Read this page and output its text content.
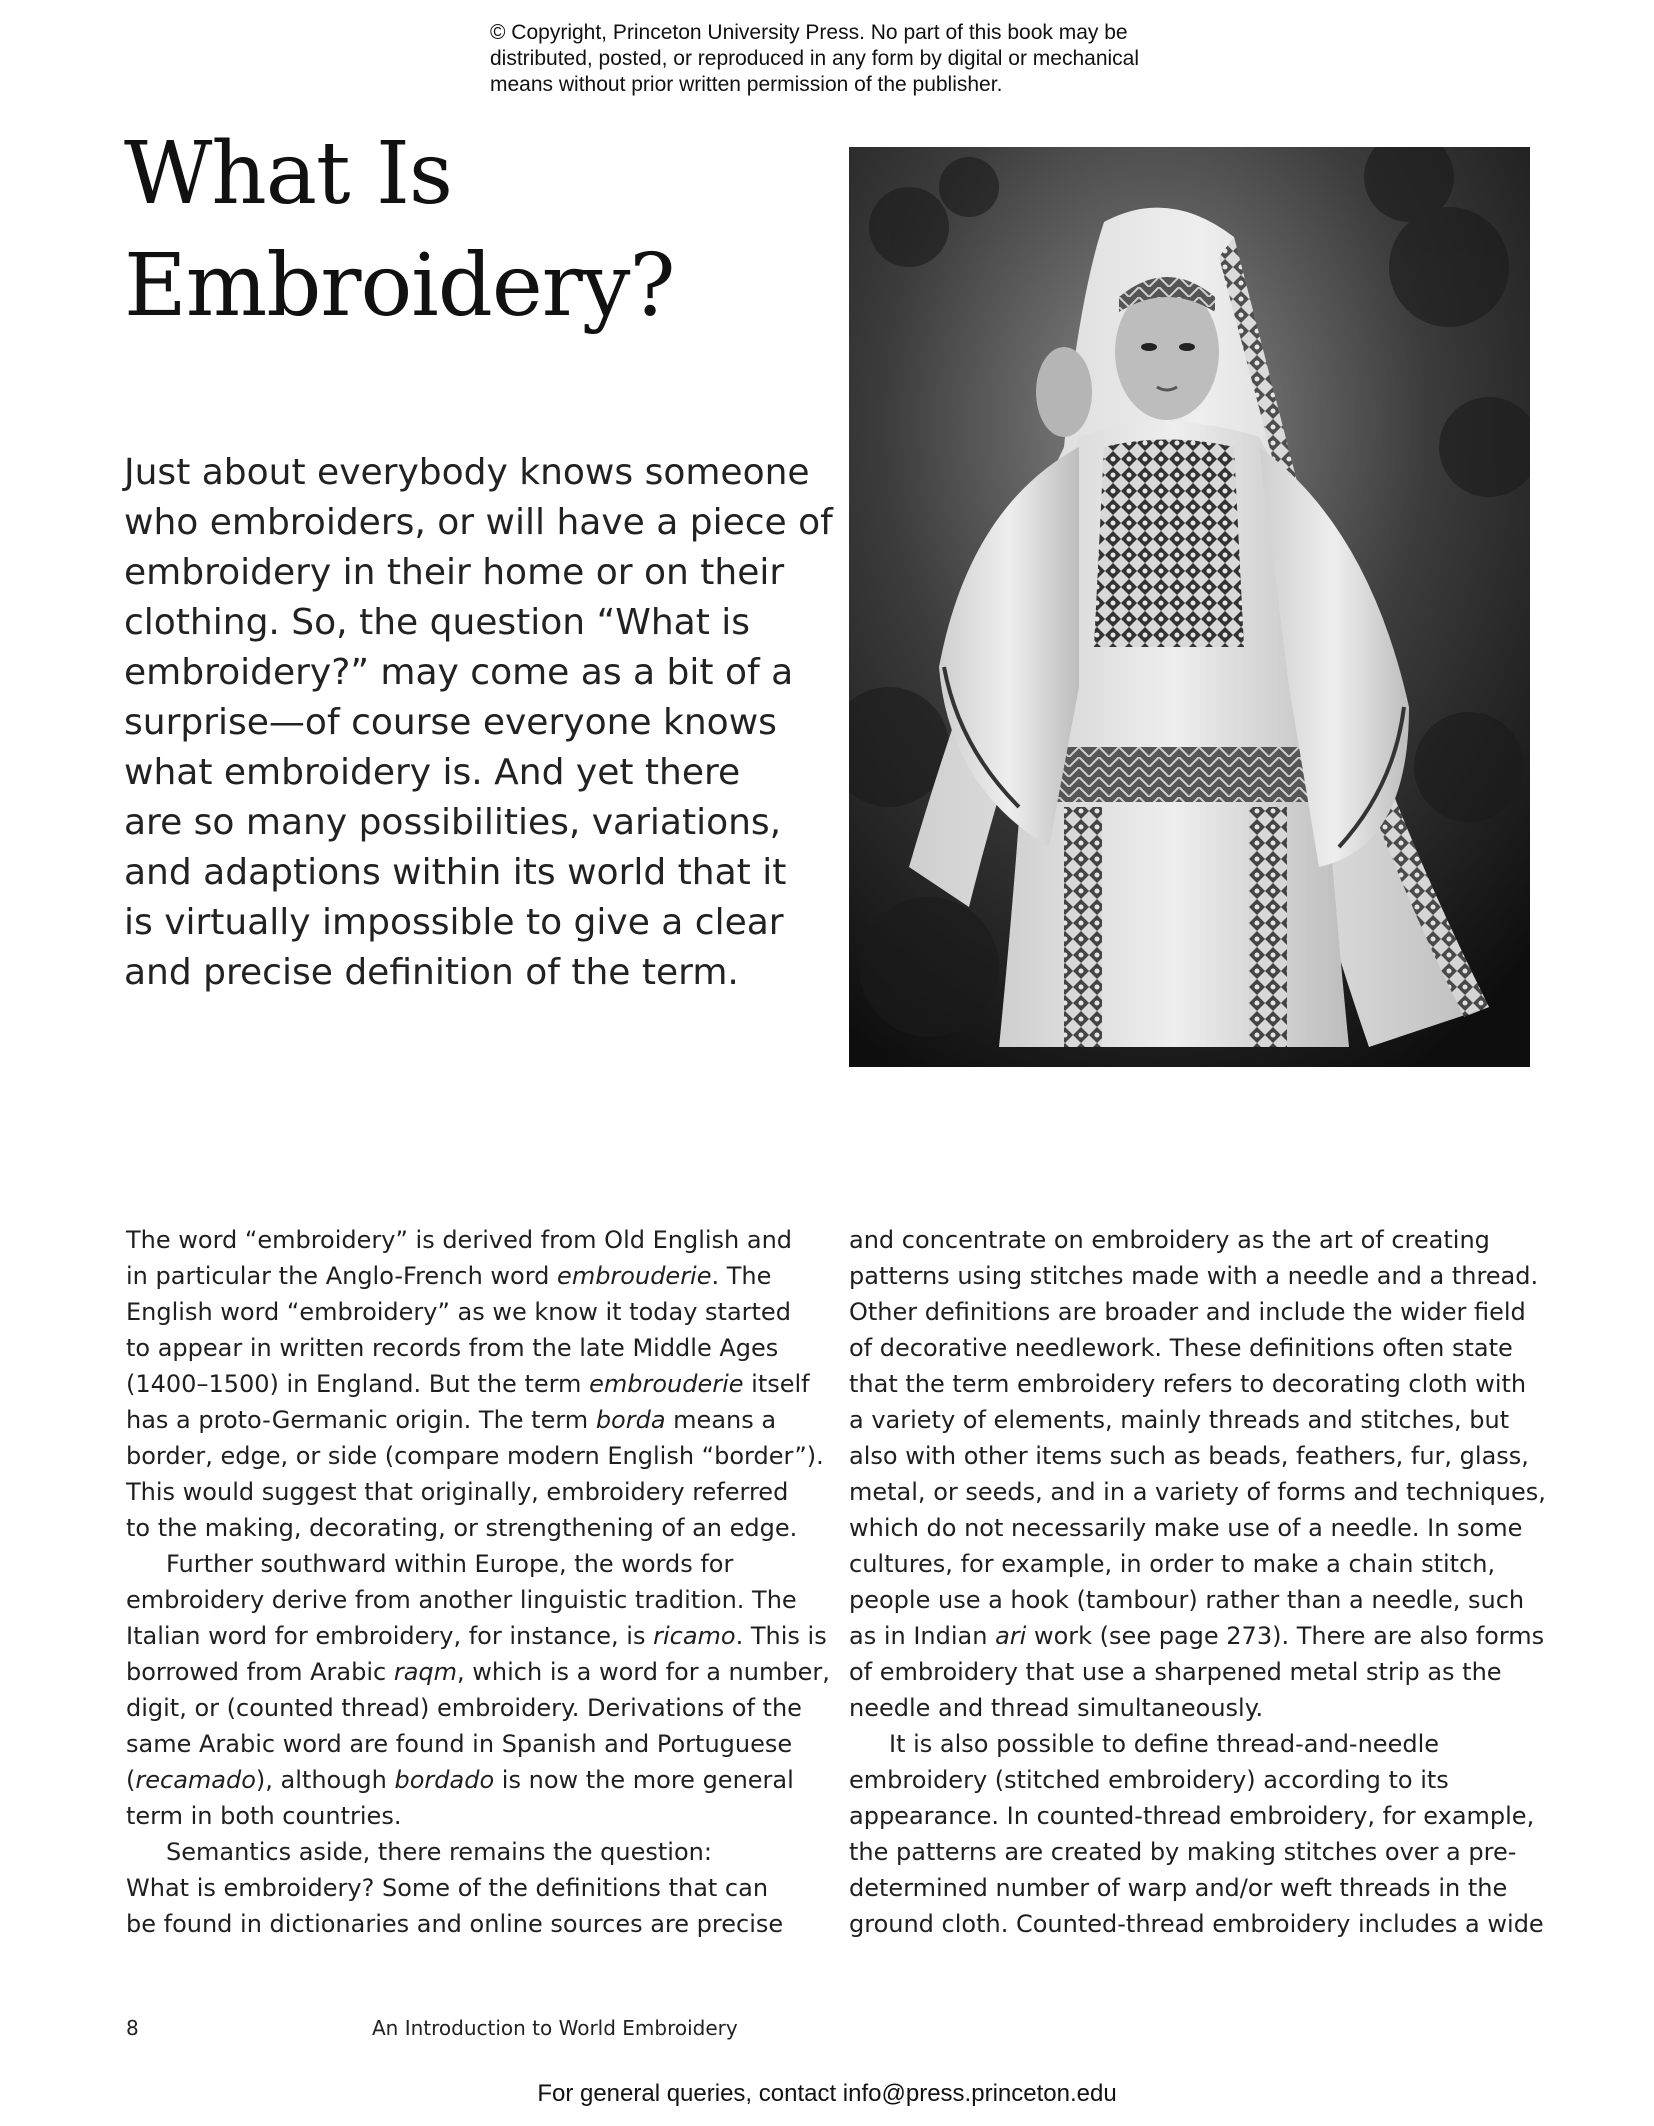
© Copyright, Princeton University Press. No part of this book may be
distributed, posted, or reproduced in any form by digital or mechanical
means without prior written permission of the publisher.
What Is
Embroidery?
Just about everybody knows someone
who embroiders, or will have a piece of
embroidery in their home or on their
clothing. So, the question “What is
embroidery?” may come as a bit of a
surprise—of course everyone knows
what embroidery is. And yet there
are so many possibilities, variations,
and adaptions within its world that it
is virtually impossible to give a clear
and precise definition of the term.
The word “embroidery” is derived from Old English and
in particular the Anglo-French word embrouderie. The
English word “embroidery” as we know it today started
to appear in written records from the late Middle Ages
(1400–1500) in England. But the term embrouderie itself
has a proto-Germanic origin. The term borda means a
border, edge, or side (compare modern English “border”).
This would suggest that originally, embroidery referred
to the making, decorating, or strengthening of an edge.
Further southward within Europe, the words for
embroidery derive from another linguistic tradition. The
Italian word for embroidery, for instance, is ricamo. This is
borrowed from Arabic raqm, which is a word for a number,
digit, or (counted thread) embroidery. Derivations of the
same Arabic word are found in Spanish and Portuguese
(recamado), although bordado is now the more general
term in both countries.
Semantics aside, there remains the question:
What is embroidery? Some of the definitions that can
be found in dictionaries and online sources are precise
and concentrate on embroidery as the art of creating
patterns using stitches made with a needle and a thread.
Other definitions are broader and include the wider field
of decorative needlework. These definitions often state
that the term embroidery refers to decorating cloth with
a variety of elements, mainly threads and stitches, but
also with other items such as beads, feathers, fur, glass,
metal, or seeds, and in a variety of forms and techniques,
which do not necessarily make use of a needle. In some
cultures, for example, in order to make a chain stitch,
people use a hook (tambour) rather than a needle, such
as in Indian ari work (see page 273). There are also forms
of embroidery that use a sharpened metal strip as the
needle and thread simultaneously.
It is also possible to define thread-and-needle
embroidery (stitched embroidery) according to its
appearance. In counted-thread embroidery, for example,
the patterns are created by making stitches over a pre-
determined number of warp and/or weft threads in the
ground cloth. Counted-thread embroidery includes a wide
8	An Introduction to World Embroidery
For general queries, contact info@press.princeton.edu
